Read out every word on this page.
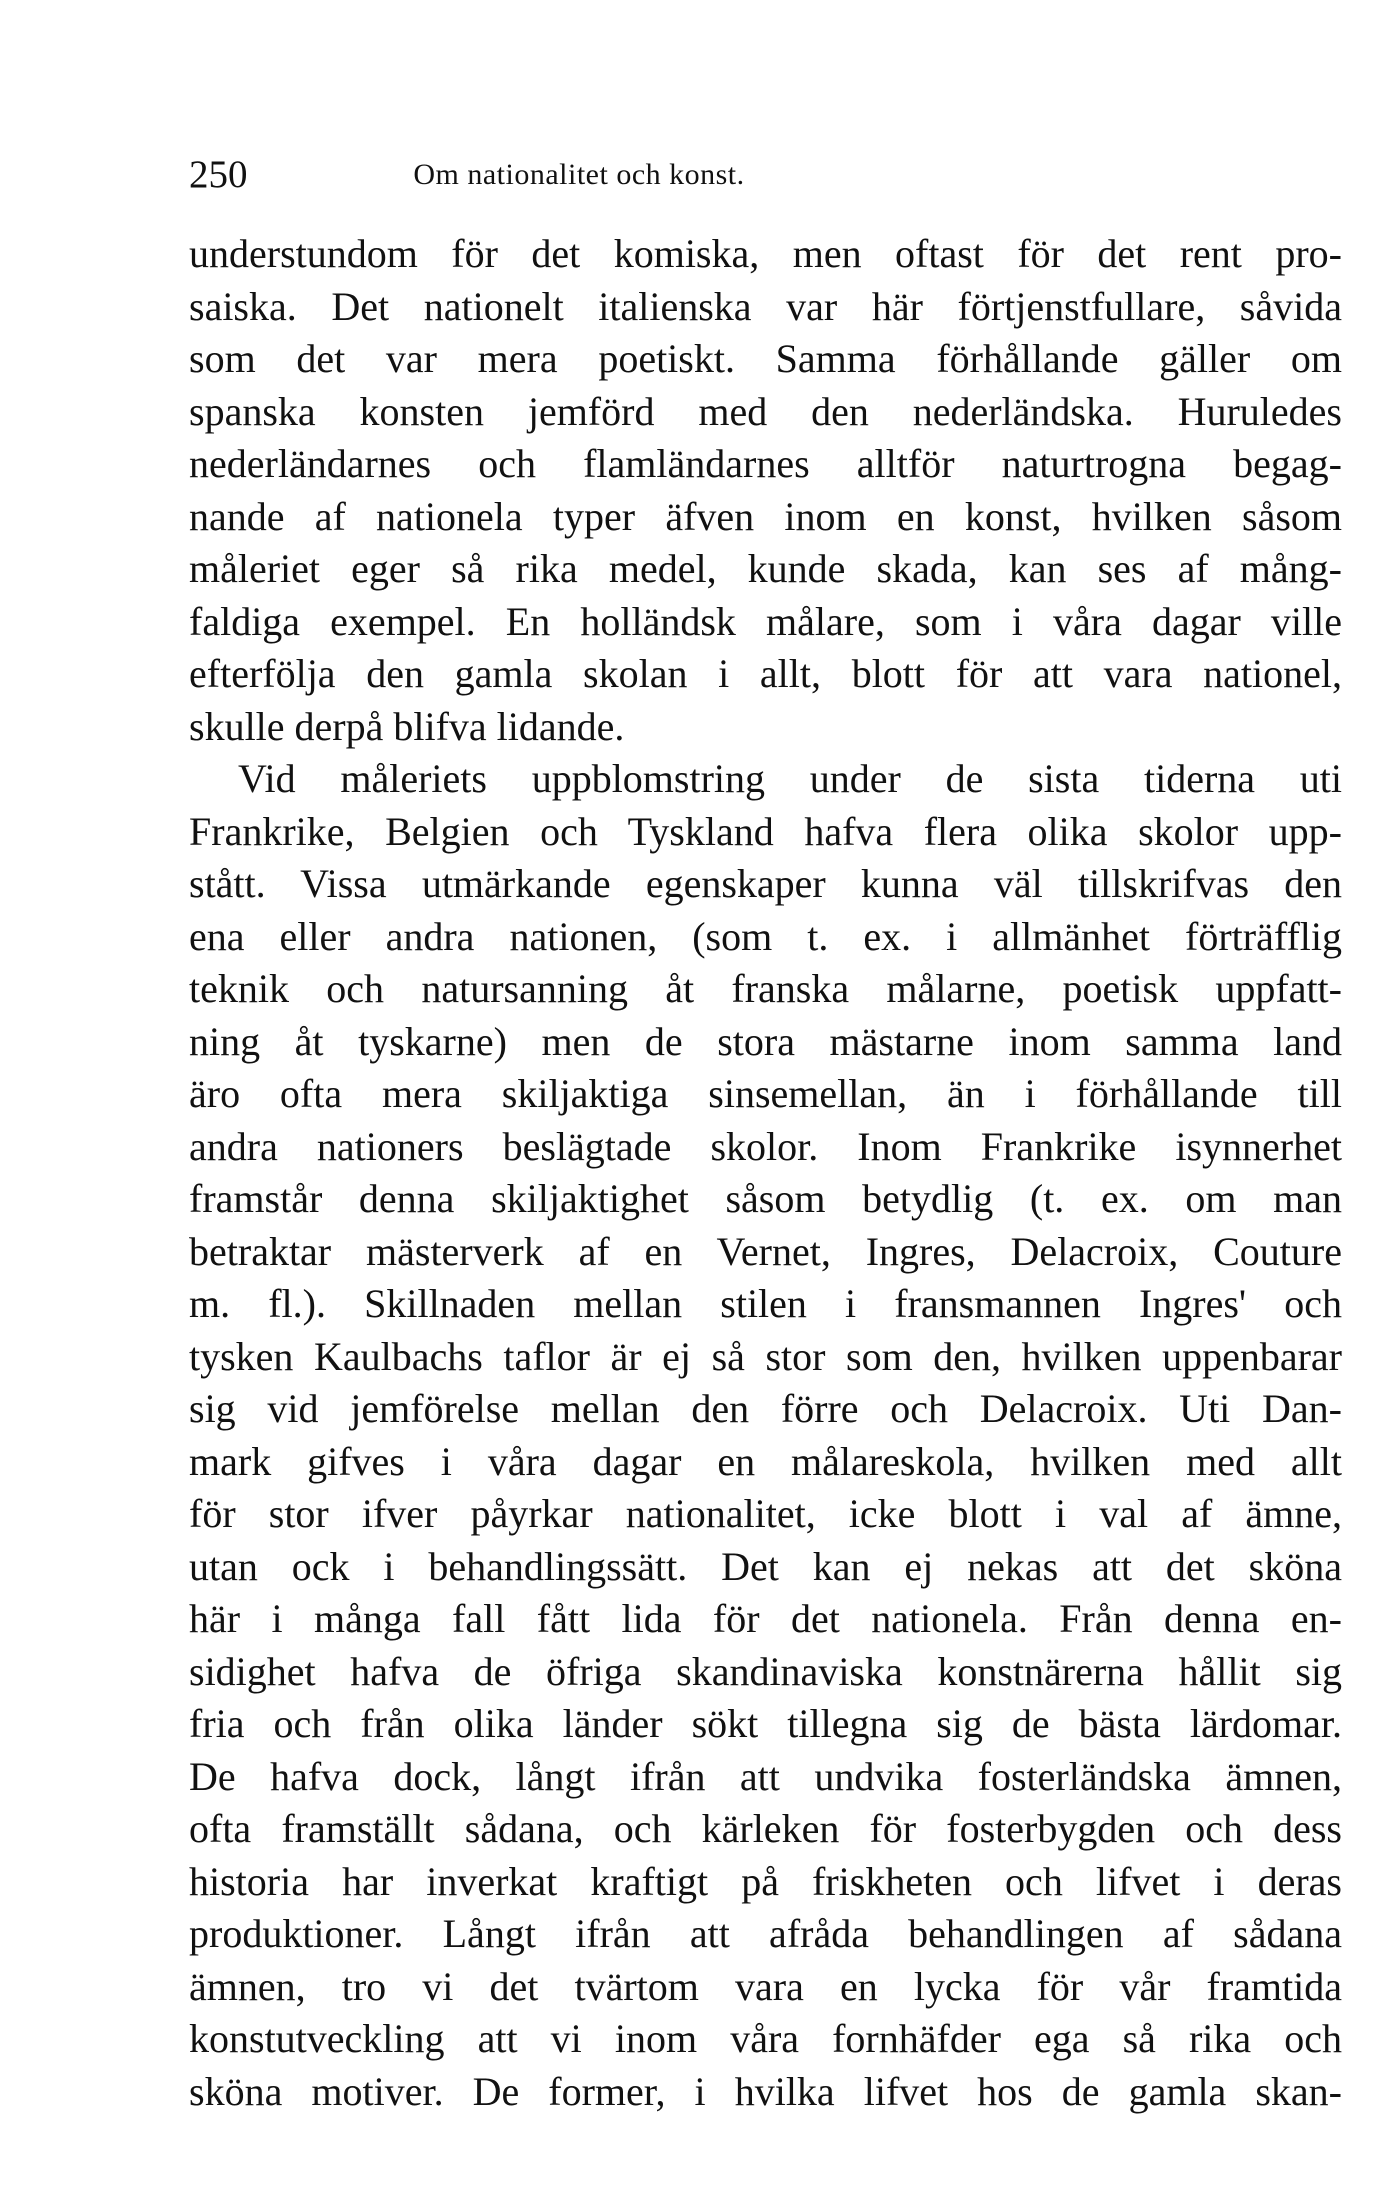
250	Om nationalitet och konst.
understundom för det komiska, men oftast för det rent pro-
saiska. Det nationelt italienska var här förtjenstfullare, såvida
som det var mera poetiskt. Samma förhållande gäller om
spanska konsten jemförd med den nederländska. Huruledes
nederländarnes och flamländarnes alltför naturtrogna begag-
nande af nationela typer äfven inom en konst, hvilken såsom
måleriet eger så rika medel, kunde skada, kan ses af mång-
faldiga exempel. En holländsk målare, som i våra dagar ville
efterfölja den gamla skolan i allt, blott för att vara nationel,
skulle derpå blifva lidande.
Vid måleriets uppblomstring under de sista tiderna uti
Frankrike, Belgien och Tyskland hafva flera olika skolor upp-
stått. Vissa utmärkande egenskaper kunna väl tillskrifvas den
ena eller andra nationen, (som t. ex. i allmänhet förträfflig
teknik och natursanning åt franska målarne, poetisk uppfatt-
ning åt tyskarne) men de stora mästarne inom samma land
äro ofta mera skiljaktiga sinsemellan, än i förhållande till
andra nationers beslägtade skolor. Inom Frankrike isynnerhet
framstår denna skiljaktighet såsom betydlig (t. ex. om man
betraktar mästerverk af en Vernet, Ingres, Delacroix, Couture
m. fl.). Skillnaden mellan stilen i fransmannen Ingres' och
tysken Kaulbachs taflor är ej så stor som den, hvilken uppenbarar
sig vid jemförelse mellan den förre och Delacroix. Uti Dan-
mark gifves i våra dagar en målareskola, hvilken med allt
för stor ifver påyrkar nationalitet, icke blott i val af ämne,
utan ock i behandlingssätt. Det kan ej nekas att det sköna
här i många fall fått lida för det nationela. Från denna en-
sidighet hafva de öfriga skandinaviska konstnärerna hållit sig
fria och från olika länder sökt tillegna sig de bästa lärdomar.
De hafva dock, långt ifrån att undvika fosterländska ämnen,
ofta framställt sådana, och kärleken för fosterbygden och dess
historia har inverkat kraftigt på friskheten och lifvet i deras
produktioner. Långt ifrån att afråda behandlingen af sådana
ämnen, tro vi det tvärtom vara en lycka för vår framtida
konstutveckling att vi inom våra fornhäfder ega så rika och
sköna motiver. De former, i hvilka lifvet hos de gamla skan-
